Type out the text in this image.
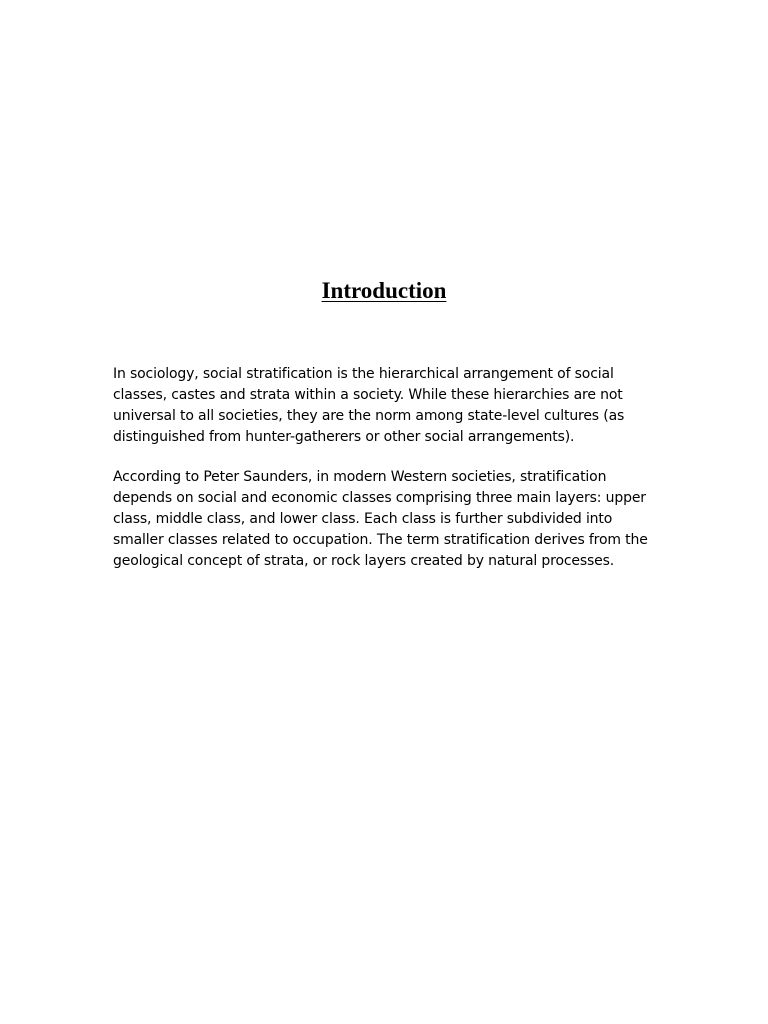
Introduction

In sociology, social stratification is the hierarchical arrangement of social classes, castes and strata within a society. While these hierarchies are not universal to all societies, they are the norm among state-level cultures (as distinguished from hunter-gatherers or other social arrangements).

According to Peter Saunders, in modern Western societies, stratification depends on social and economic classes comprising three main layers: upper class, middle class, and lower class. Each class is further subdivided into smaller classes related to occupation. The term stratification derives from the geological concept of strata, or rock layers created by natural processes.
